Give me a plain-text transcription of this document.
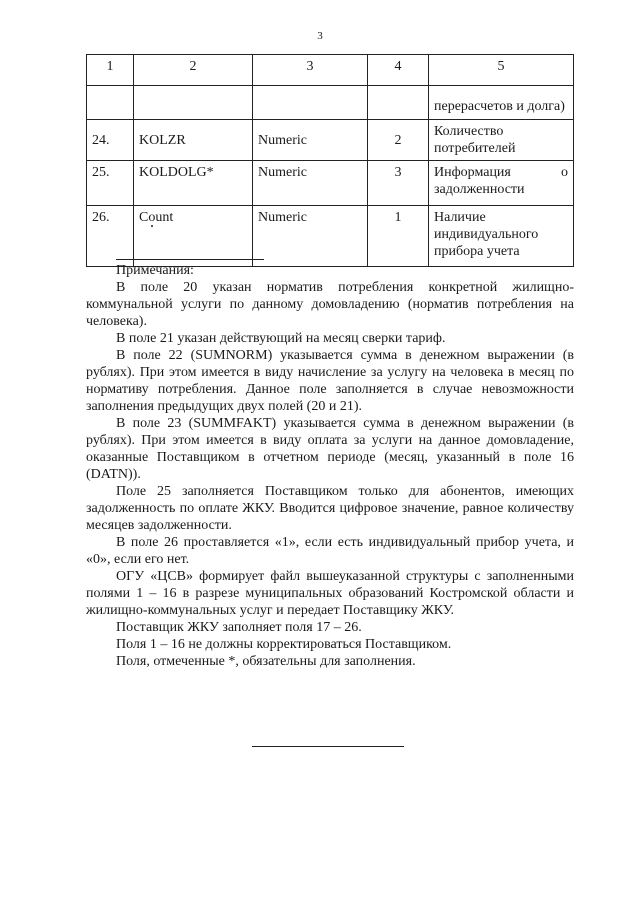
3
1	2	3	4	5
				перерасчетов и долга)
24.	KOLZR	Numeric	2	Количество потребителей
25.	KOLDOLG*	Numeric	3	Информация о
задолженности

26.	Count	Numeric	1	Наличие
индивидуального
прибора учета

Примечания:

В поле 20 указан норматив потребления конкретной жилищно-коммунальной услуги по данному домовладению (норматив потребления на человека).

В поле 21 указан действующий на месяц сверки тариф.

В поле 22 (SUMNORM) указывается сумма в денежном выражении (в рублях). При этом имеется в виду начисление за услугу на человека в месяц по нормативу потребления. Данное поле заполняется в случае невозможности заполнения предыдущих двух полей (20 и 21).

В поле 23 (SUMMFAKT) указывается сумма в денежном выражении (в рублях). При этом имеется в виду оплата за услуги на данное домовладение, оказанные Поставщиком в отчетном периоде (месяц, указанный в поле 16 (DATN)).

Поле 25 заполняется Поставщиком только для абонентов, имеющих задолженность по оплате ЖКУ. Вводится цифровое значение, равное количеству месяцев задолженности.

В поле 26 проставляется «1», если есть индивидуальный прибор учета, и «0», если его нет.

ОГУ «ЦСВ» формирует файл вышеуказанной структуры с заполненными полями 1 – 16 в разрезе муниципальных образований Костромской области и жилищно-коммунальных услуг и передает Поставщику ЖКУ.

Поставщик ЖКУ заполняет поля 17 – 26.

Поля 1 – 16 не должны корректироваться Поставщиком.

Поля, отмеченные *, обязательны для заполнения.
